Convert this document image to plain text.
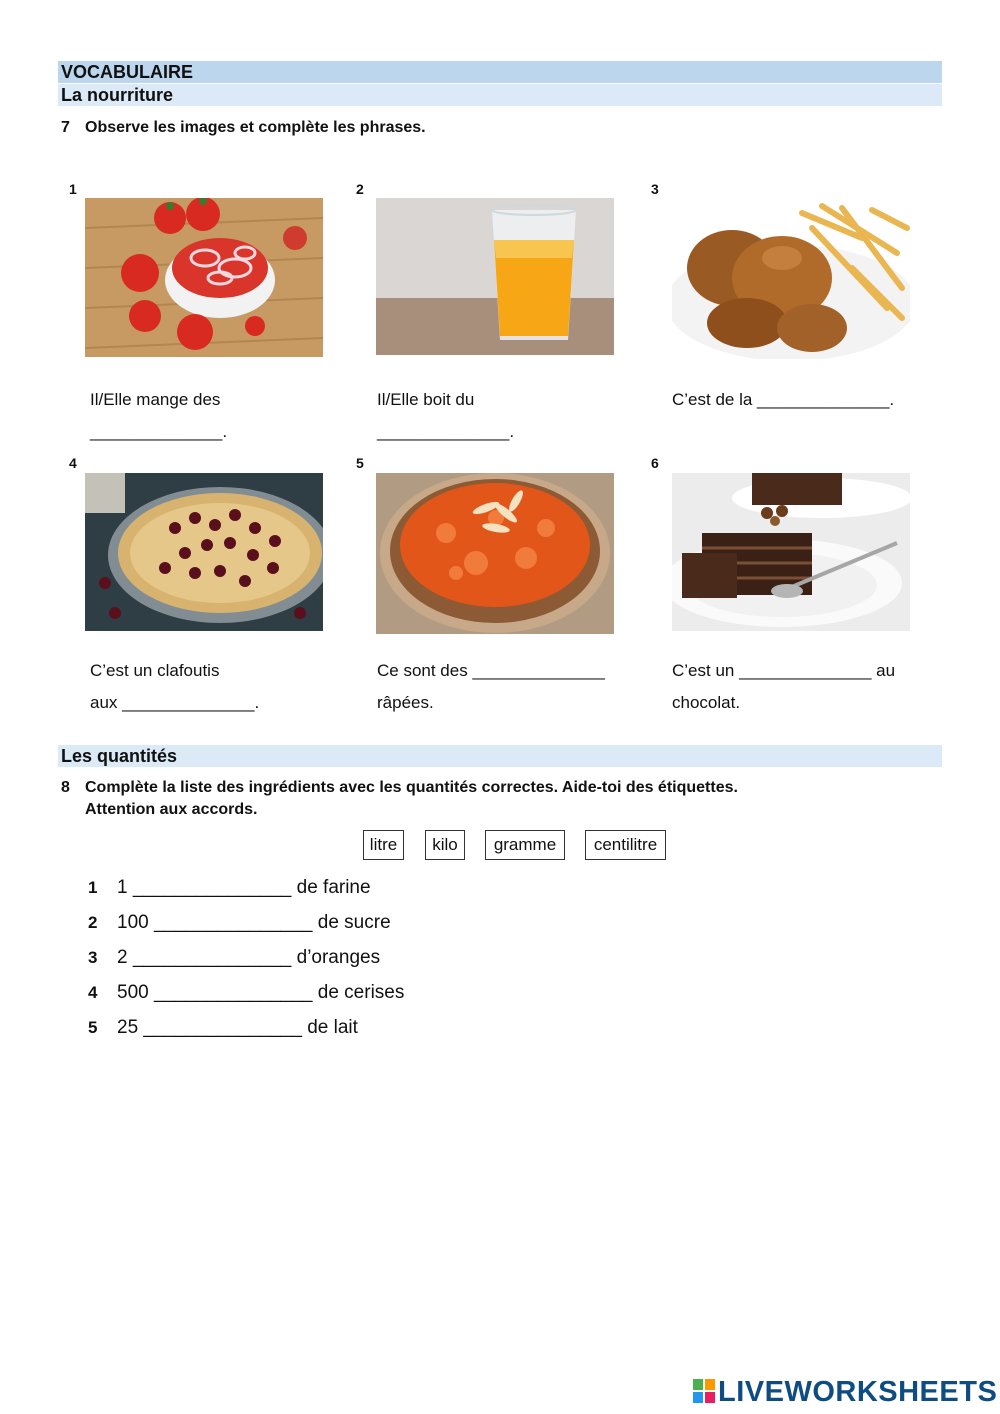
VOCABULAIRE
La nourriture
7 Observe les images et complète les phrases.
1
Il/Elle mange des
______________.
2
Il/Elle boit du
______________.
3
C’est de la ______________.
4
C’est un clafoutis
aux ______________.
5
Ce sont des ______________
râpées.
6
C’est un ______________ au
chocolat.
Les quantités
8 Complète la liste des ingrédients avec les quantités correctes. Aide-toi des étiquettes.
Attention aux accords.
litre	kilo	gramme	centilitre
1 1 _______________ de farine
2 100 _______________ de sucre
3 2 _______________ d’oranges
4 500 _______________ de cerises
5 25 _______________ de lait
LIVEWORKSHEETS
